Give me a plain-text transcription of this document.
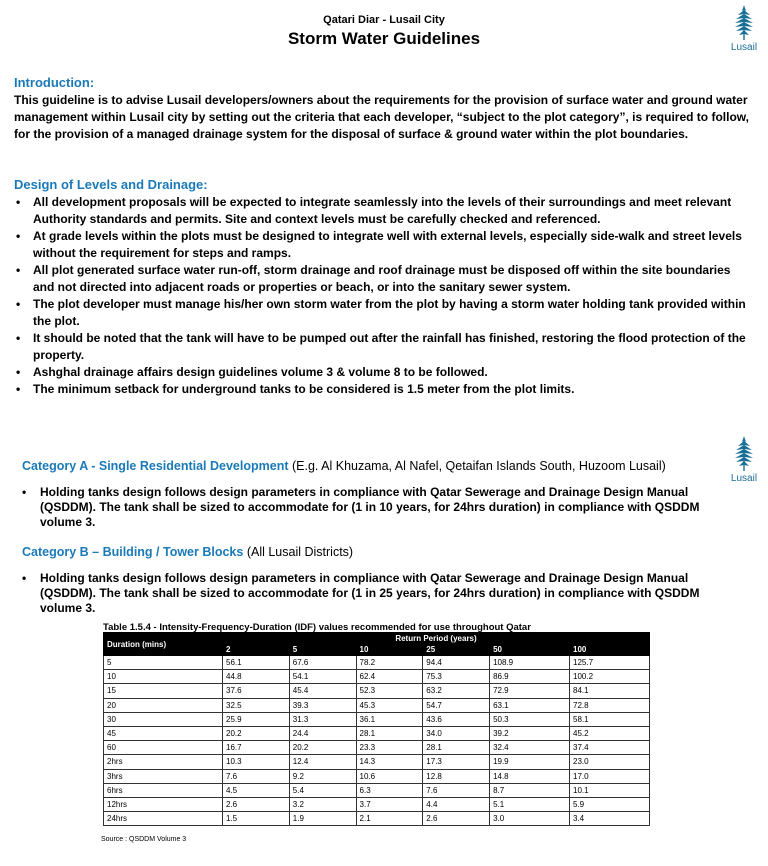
Qatari Diar - Lusail City
Storm Water Guidelines	Lusail
Introduction:
This guideline is to advise Lusail developers/owners about the requirements for the provision of surface water and ground water management within Lusail city by setting out the criteria that each developer, “subject to the plot category”, is required to follow, for the provision of a managed drainage system for the disposal of surface & ground water within the plot boundaries.
Design of Levels and Drainage:
• All development proposals will be expected to integrate seamlessly into the levels of their surroundings and meet relevant Authority standards and permits. Site and context levels must be carefully checked and referenced.
• At grade levels within the plots must be designed to integrate well with external levels, especially side-walk and street levels without the requirement for steps and ramps.
• All plot generated surface water run-off, storm drainage and roof drainage must be disposed off within the site boundaries and not directed into adjacent roads or properties or beach, or into the sanitary sewer system.
• The plot developer must manage his/her own storm water from the plot by having a storm water holding tank provided within the plot.
• It should be noted that the tank will have to be pumped out after the rainfall has finished, restoring the flood protection of the property.
• Ashghal drainage affairs design guidelines volume 3 & volume 8 to be followed.
• The minimum setback for underground tanks to be considered is 1.5 meter from the plot limits.
Lusail
Category A - Single Residential Development (E.g. Al Khuzama, Al Nafel, Qetaifan Islands South, Huzoom Lusail)
• Holding tanks design follows design parameters in compliance with Qatar Sewerage and Drainage Design Manual (QSDDM). The tank shall be sized to accommodate for (1 in 10 years, for 24hrs duration) in compliance with QSDDM volume 3.
Category B – Building / Tower Blocks (All Lusail Districts)
• Holding tanks design follows design parameters in compliance with Qatar Sewerage and Drainage Design Manual (QSDDM). The tank shall be sized to accommodate for (1 in 25 years, for 24hrs duration) in compliance with QSDDM volume 3.
Table 1.5.4 - Intensity-Frequency-Duration (IDF) values recommended for use throughout Qatar
Duration (mins)	Return Period (years)					
	2	5	10	25	50	100
5	56.1	67.6	78.2	94.4	108.9	125.7
10	44.8	54.1	62.4	75.3	86.9	100.2
15	37.6	45.4	52.3	63.2	72.9	84.1
20	32.5	39.3	45.3	54.7	63.1	72.8
30	25.9	31.3	36.1	43.6	50.3	58.1
45	20.2	24.4	28.1	34.0	39.2	45.2
60	16.7	20.2	23.3	28.1	32.4	37.4
2hrs	10.3	12.4	14.3	17.3	19.9	23.0
3hrs	7.6	9.2	10.6	12.8	14.8	17.0
6hrs	4.5	5.4	6.3	7.6	8.7	10.1
12hrs	2.6	3.2	3.7	4.4	5.1	5.9
24hrs	1.5	1.9	2.1	2.6	3.0	3.4
Source : QSDDM Volume 3
